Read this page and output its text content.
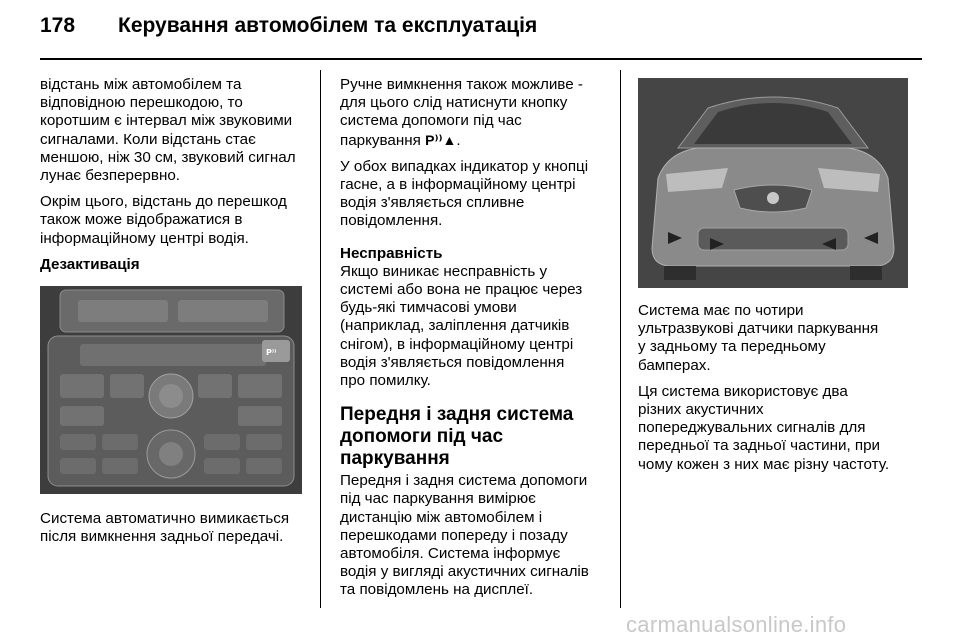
178 Керування автомобілем та експлуатація

відстань між автомобілем та
відповідною перешкодою, то
коротшим є інтервал між звуковими
сигналами. Коли відстань стає
меншою, ніж 30 см, звуковий сигнал
лунає безперервно.

Окрім цього, відстань до перешкод
також може відображатися в
інформаційному центрі водія.

Дезактивація
P⁾⁾
Система автоматично вимикається
після вимкнення задньої передачі.

Ручне вимкнення також можливе -
для цього слід натиснути кнопку
система допомоги під час
паркування P⁾⁾▲.

У обох випадках індикатор у кнопці
гасне, а в інформаційному центрі
водія з'являється спливне
повідомлення.

Несправність

Якщо виникає несправність у
системі або вона не працює через
будь-які тимчасові умови
(наприклад, заліплення датчиків
снігом), в інформаційному центрі
водія з'являється повідомлення
про помилку.

Передня і задня система
допомоги під час паркування

Передня і задня система допомоги
під час паркування вимірює
дистанцію між автомобілем і
перешкодами попереду і позаду
автомобіля. Система інформує
водія у вигляді акустичних сигналів
та повідомлень на дисплеї.

Система має по чотири
ультразвукові датчики паркування
у задньому та передньому
бамперах.

Ця система використовує два
різних акустичних
попереджувальних сигналів для
передньої та задньої частини, при
чому кожен з них має різну частоту.

carmanualsonline.info
